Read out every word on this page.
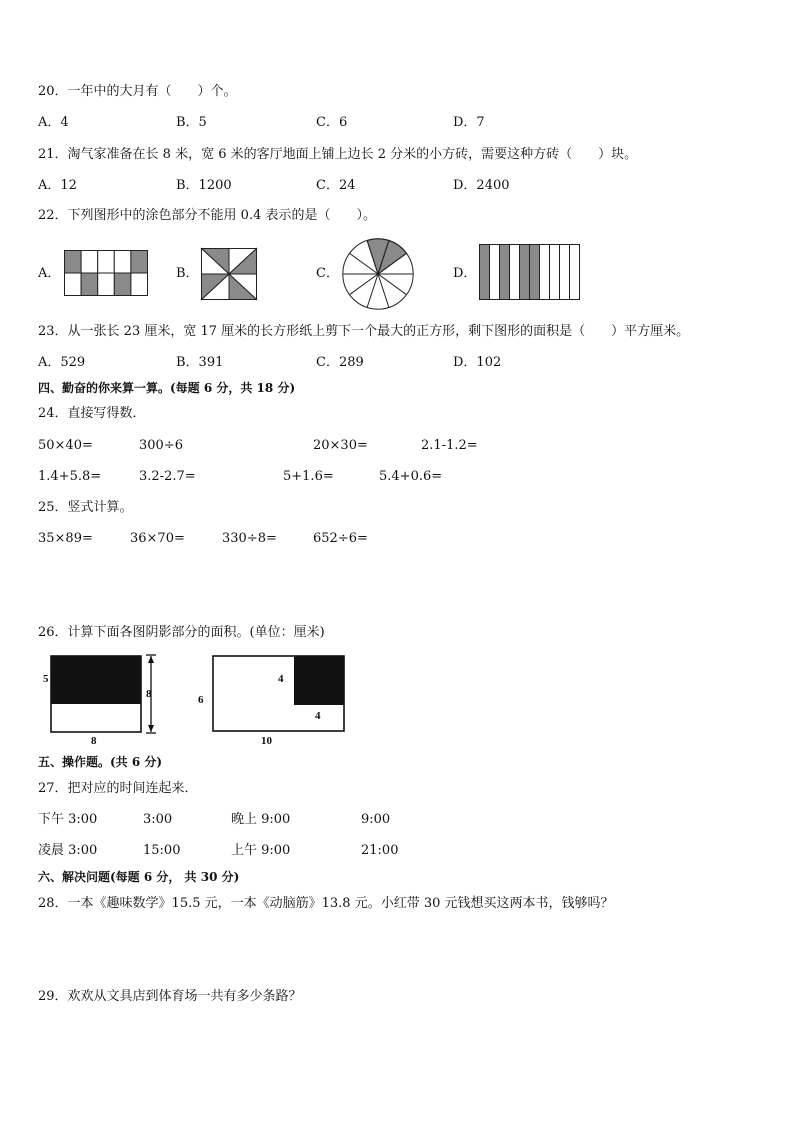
20．一年中的大月有（　　）个。
A．4	B．5	C．6	D．7
21．淘气家准备在长 8 米，宽 6 米的客厅地面上铺上边长 2 分米的小方砖，需要这种方砖（　　）块。
A．12	B．1200	C．24	D．2400
22．下列图形中的涂色部分不能用 0.4 表示的是（　　）。
A．	B．	C．	D．
23．从一张长 23 厘米，宽 17 厘米的长方形纸上剪下一个最大的正方形，剩下图形的面积是（　　）平方厘米。
A．529	B．391	C．289	D．102
四、勤奋的你来算一算。(每题 6 分，共 18 分)
24．直接写得数．
50×40=	300÷6	20×30=	2.1-1.2=
1.4+5.8=	3.2-2.7=	5+1.6=	5.4+0.6=
25．竖式计算。
35×89=	36×70=	330÷8=	652÷6=
26．计算下面各图阴影部分的面积。(单位：厘米)
5
8
8
6
4
4
10
五、操作题。(共 6 分)
27．把对应的时间连起来．
下午 3:00	3:00	晚上 9:00	9:00
凌晨 3:00	15:00	上午 9:00	21:00
六、解决问题(每题 6 分， 共 30 分)
28．一本《趣味数学》15.5 元，一本《动脑筋》13.8 元。小红带 30 元钱想买这两本书，钱够吗？
29．欢欢从文具店到体育场一共有多少条路？
